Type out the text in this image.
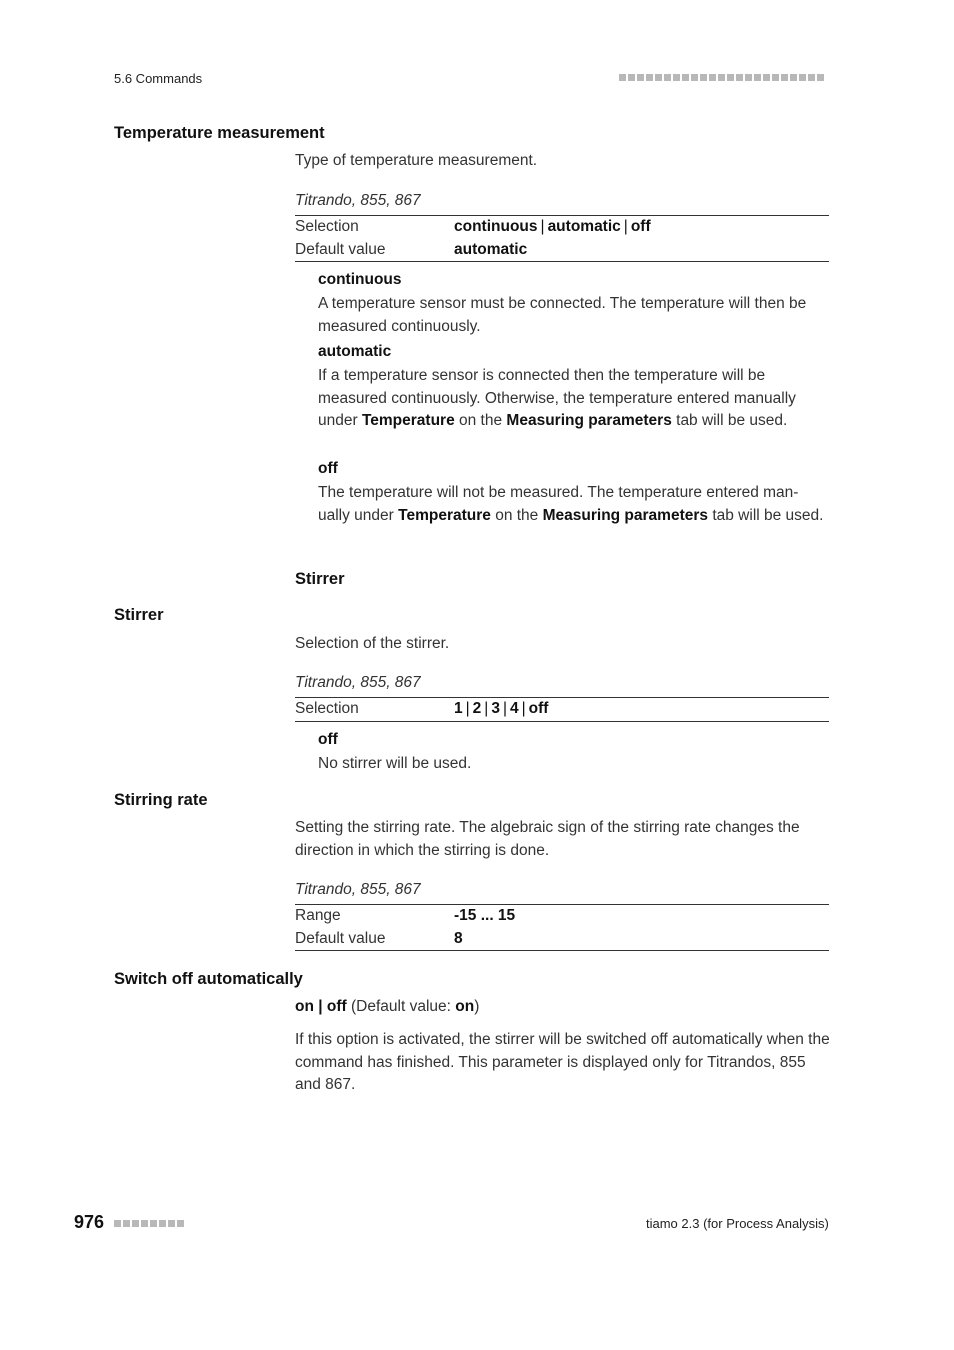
5.6 Commands
Temperature measurement
Type of temperature measurement.
Titrando, 855, 867
Selection	continuous | automatic | off
Default value	automatic
continuous
A temperature sensor must be connected. The temperature will then be measured continuously.
automatic
If a temperature sensor is connected then the temperature will be measured continuously. Otherwise, the temperature entered manually under Temperature on the Measuring parameters tab will be used.
off
The temperature will not be measured. The temperature entered man-ually under Temperature on the Measuring parameters tab will be used.
Stirrer
Stirrer
Selection of the stirrer.
Titrando, 855, 867
Selection	1 | 2 | 3 | 4 | off
off
No stirrer will be used.
Stirring rate
Setting the stirring rate. The algebraic sign of the stirring rate changes the direction in which the stirring is done.
Titrando, 855, 867
Range	-15 ... 15
Default value	8
Switch off automatically
on | off (Default value: on)
If this option is activated, the stirrer will be switched off automatically when the command has finished. This parameter is displayed only for Titrandos, 855 and 867.
976	tiamo 2.3 (for Process Analysis)
